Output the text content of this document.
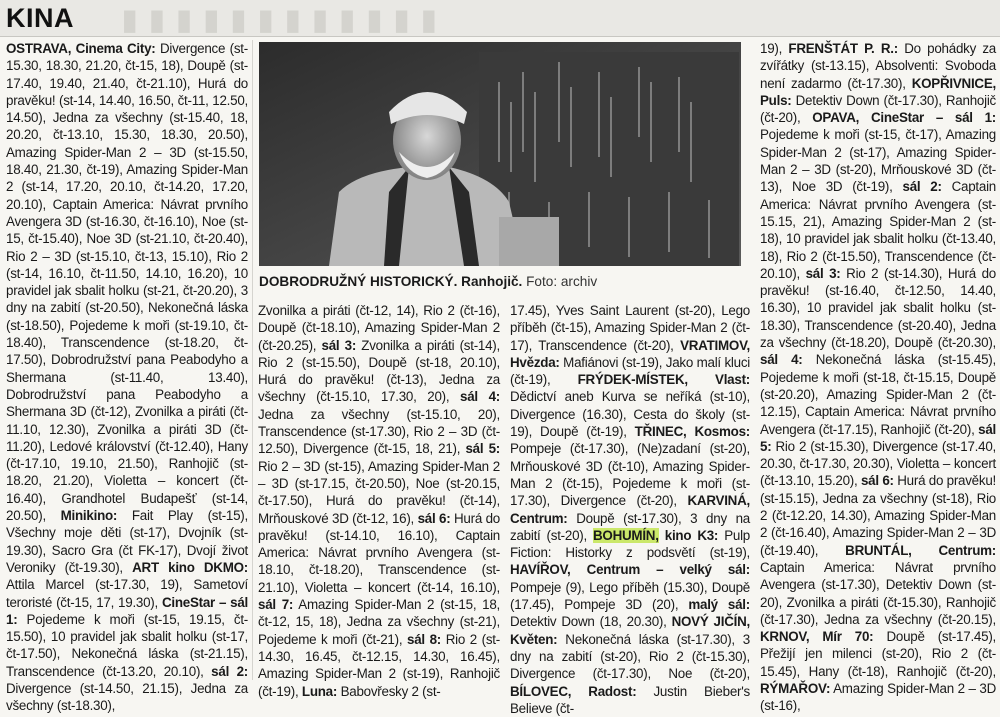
KINA ▮ ▮ ▮ ▮ ▮ ▮ ▮ ▮ ▮ ▮ ▮ ▮
OSTRAVA, Cinema City: Divergence (st-15.30, 18.30, 21.20, čt-15, 18), Doupě (st-17.40, 19.40, 21.40, čt-21.10), Hurá do pravěku! (st-14, 14.40, 16.50, čt-11, 12.50, 14.50), Jedna za všechny (st-15.40, 18, 20.20, čt-13.10, 15.30, 18.30, 20.50), Amazing Spider-Man 2 – 3D (st-15.50, 18.40, 21.30, čt-19), Amazing Spider-Man 2 (st-14, 17.20, 20.10, čt-14.20, 17.20, 20.10), Captain America: Návrat prvního Avengera 3D (st-16.30, čt-16.10), Noe (st-15, čt-15.40), Noe 3D (st-21.10, čt-20.40), Rio 2 – 3D (st-15.10, čt-13, 15.10), Rio 2 (st-14, 16.10, čt-11.50, 14.10, 16.20), 10 pravidel jak sbalit holku (st-21, čt-20.20), 3 dny na zabití (st-20.50), Nekonečná láska (st-18.50), Pojedeme k moři (st-19.10, čt-18.40), Transcendence (st-18.20, čt-17.50), Dobrodružství pana Peabodyho a Shermana (st-11.40, 13.40), Dobrodružství pana Peabodyho a Shermana 3D (čt-12), Zvonilka a piráti (čt-11.10, 12.30), Zvonilka a piráti 3D (čt-11.20), Ledové království (čt-12.40), Hany (čt-17.10, 19.10, 21.50), Ranhojič (st-18.20, 21.20), Violetta – koncert (čt-16.40), Grandhotel Budapešť (st-14, 20.50), Minikino: Fait Play (st-15), Všechny moje děti (st-17), Dvojník (st-19.30), Sacro Gra (čt FK-17), Dvojí život Veroniky (čt-19.30), ART kino DKMO: Attila Marcel (st-17.30, 19), Sametoví teroristé (čt-15, 17, 19.30), CineStar – sál 1: Pojedeme k moři (st-15, 19.15, čt-15.50), 10 pravidel jak sbalit holku (st-17, čt-17.50), Nekonečná láska (st-21.15), Transcendence (čt-13.20, 20.10), sál 2: Divergence (st-14.50, 21.15), Jedna za všechny (st-18.30),
DOBRODRUŽNÝ HISTORICKÝ. Ranhojič. Foto: archiv
Zvonilka a piráti (čt-12, 14), Rio 2 (čt-16), Doupě (čt-18.10), Amazing Spider-Man 2 (čt-20.25), sál 3: Zvonilka a piráti (st-14), Rio 2 (st-15.50), Doupě (st-18, 20.10), Hurá do pravěku! (čt-13), Jedna za všechny (čt-15.10, 17.30, 20), sál 4: Jedna za všechny (st-15.10, 20), Transcendence (st-17.30), Rio 2 – 3D (čt-12.50), Divergence (čt-15, 18, 21), sál 5: Rio 2 – 3D (st-15), Amazing Spider-Man 2 – 3D (st-17.15, čt-20.50), Noe (st-20.15, čt-17.50), Hurá do pravěku! (čt-14), Mrňouskové 3D (čt-12, 16), sál 6: Hurá do pravěku! (st-14.10, 16.10), Captain America: Návrat prvního Avengera (st-18.10, čt-18.20), Transcendence (st-21.10), Violetta – koncert (čt-14, 16.10), sál 7: Amazing Spider-Man 2 (st-15, 18, čt-12, 15, 18), Jedna za všechny (st-21), Pojedeme k moři (čt-21), sál 8: Rio 2 (st-14.30, 16.45, čt-12.15, 14.30, 16.45), Amazing Spider-Man 2 (st-19), Ranhojič (čt-19), Luna: Babovřesky 2 (st-
17.45), Yves Saint Laurent (st-20), Lego příběh (čt-15), Amazing Spider-Man 2 (čt-17), Transcendence (čt-20), VRATIMOV, Hvězda: Mafiánovi (st-19), Jako malí kluci (čt-19), FRÝDEK-MÍSTEK, Vlast: Dědictví aneb Kurva se neříká (st-10), Divergence (16.30), Cesta do školy (st-19), Doupě (čt-19), TŘINEC, Kosmos: Pompeje (čt-17.30), (Ne)zadaní (st-20), Mrňouskové 3D (čt-10), Amazing Spider-Man 2 (čt-15), Pojedeme k moři (st-17.30), Divergence (čt-20), KARVINÁ, Centrum: Doupě (st-17.30), 3 dny na zabití (st-20), BOHUMÍN, kino K3: Pulp Fiction: Historky z podsvětí (st-19), HAVÍŘOV, Centrum – velký sál: Pompeje (9), Lego příběh (15.30), Doupě (17.45), Pompeje 3D (20), malý sál: Detektiv Down (18, 20.30), NOVÝ JIČÍN, Květen: Nekonečná láska (st-17.30), 3 dny na zabití (st-20), Rio 2 (čt-15.30), Divergence (čt-17.30), Noe (čt-20), BÍLOVEC, Radost: Justin Bieber's Believe (čt-
19), FRENŠTÁT P. R.: Do pohádky za zvířátky (st-13.15), Absolventi: Svoboda není zadarmo (čt-17.30), KOPŘIVNICE, Puls: Detektiv Down (čt-17.30), Ranhojič (čt-20), OPAVA, CineStar – sál 1: Pojedeme k moři (st-15, čt-17), Amazing Spider-Man 2 (st-17), Amazing Spider-Man 2 – 3D (st-20), Mrňouskové 3D (čt-13), Noe 3D (čt-19), sál 2: Captain America: Návrat prvního Avengera (st-15.15, 21), Amazing Spider-Man 2 (st-18), 10 pravidel jak sbalit holku (čt-13.40, 18), Rio 2 (čt-15.50), Transcendence (čt-20.10), sál 3: Rio 2 (st-14.30), Hurá do pravěku! (st-16.40, čt-12.50, 14.40, 16.30), 10 pravidel jak sbalit holku (st-18.30), Transcendence (st-20.40), Jedna za všechny (čt-18.20), Doupě (čt-20.30), sál 4: Nekonečná láska (st-15.45), Pojedeme k moři (st-18, čt-15.15, Doupě (st-20.20), Amazing Spider-Man 2 (čt-12.15), Captain America: Návrat prvního Avengera (čt-17.15), Ranhojič (čt-20), sál 5: Rio 2 (st-15.30), Divergence (st-17.40, 20.30, čt-17.30, 20.30), Violetta – koncert (čt-13.10, 15.20), sál 6: Hurá do pravěku! (st-15.15), Jedna za všechny (st-18), Rio 2 (čt-12.20, 14.30), Amazing Spider-Man 2 (čt-16.40), Amazing Spider-Man 2 – 3D (čt-19.40), BRUNTÁL, Centrum: Captain America: Návrat prvního Avengera (st-17.30), Detektiv Down (st-20), Zvonilka a piráti (čt-15.30), Ranhojič (čt-17.30), Jedna za všechny (čt-20.15), KRNOV, Mír 70: Doupě (st-17.45), Přežijí jen milenci (st-20), Rio 2 (čt-15.45), Hany (čt-18), Ranhojič (čt-20), RÝMAŘOV: Amazing Spider-Man 2 – 3D (st-16),
